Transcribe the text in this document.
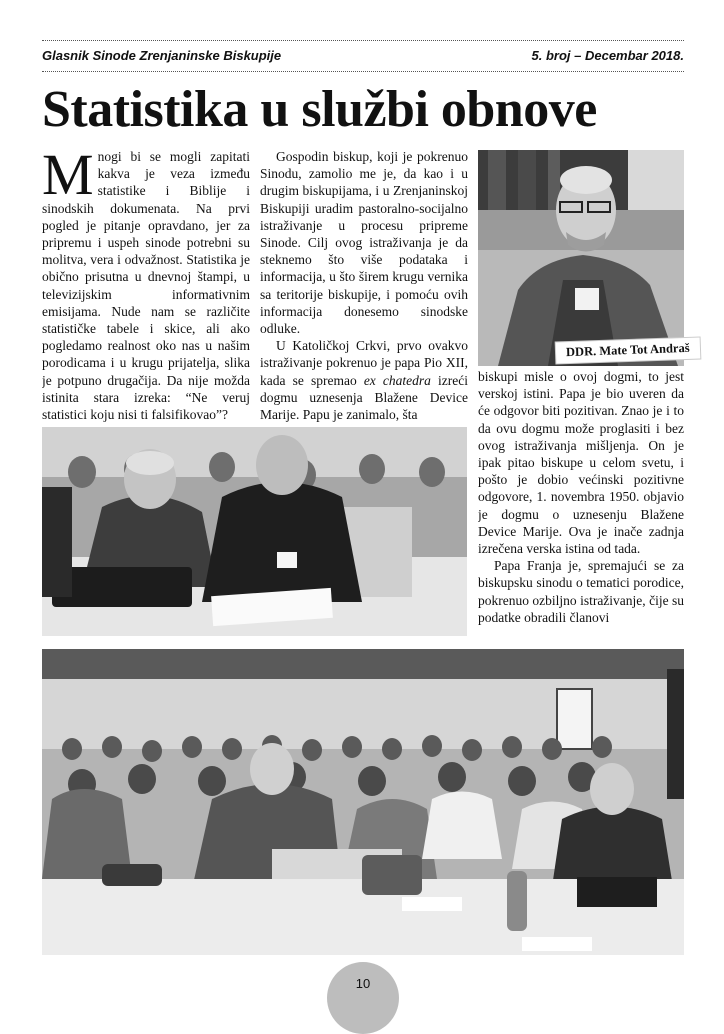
Glasnik Sinode Zrenjaninske Biskupije	5. broj – Decembar 2018.
Statistika u službi obnove

Mnogi bi se mogli zapitati kakva je veza između statistike i Biblije i sinodskih dokumenata. Na prvi pogled je pitanje opravdano, jer za pripremu i uspeh sinode potrebni su molitva, vera i odvažnost. Statistika je obično prisutna u dnevnoj štampi, u televizijskim informativnim emisijama. Nude nam se različite statističke tabele i skice, ali ako pogledamo realnost oko nas u našim porodicama i u krugu prijatelja, slika je potpuno drugačija. Da nije možda istinita stara izreka: “Ne veruj statistici koju nisi ti falsifikovao”?

Gospodin biskup, koji je pokrenuo Sinodu, zamolio me je, da kao i u drugim biskupijama, i u Zrenjaninskoj Biskupiji uradim pastoralno-socijalno istraživanje u procesu pripreme Sinode. Cilj ovog istraživanja je da steknemo što više podataka i informacija, u što širem krugu vernika sa teritorije biskupije, i pomoću ovih informacija donesemo sinodske odluke.

U Katoličkoj Crkvi, prvo ovakvo istraživanje pokrenuo je papa Pio XII, kada se spremao ex chatedra izreći dogmu uznesenja Blažene Device Marije. Papu je zanimalo, šta

biskupi misle o ovoj dogmi, to jest verskoj istini. Papa je bio uveren da će odgovor biti pozitivan. Znao je i to da ovu dogmu može proglasiti i bez ovog istraživanja mišljenja. On je ipak pitao biskupe u celom svetu, i pošto je dobio većinski pozitivne odgovore, 1. novembra 1950. objavio je dogmu o uznesenju Blažene Device Marije. Ova je inače zadnja izrečena verska istina od tada.

Papa Franja je, spremajući se za biskupsku sinodu o tematici porodice, pokrenuo ozbiljno istraživanje, čije su podatke obradili članovi

DDR. Mate Tot Andraš
10
